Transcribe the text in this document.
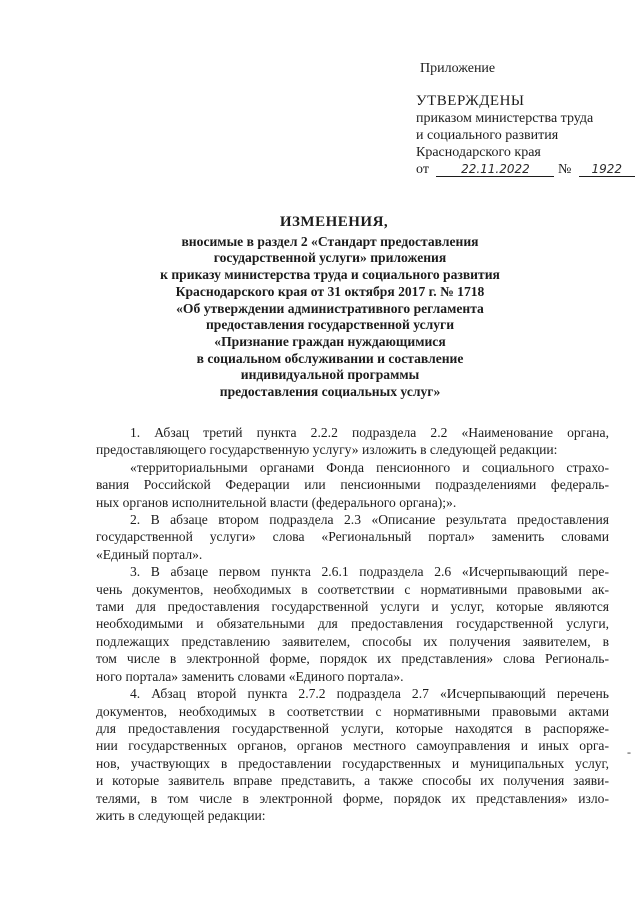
Приложение
УТВЕРЖДЕНЫ
приказом министерства труда
и социального развития
Краснодарского края
от	22.11.2022 № 1922
ИЗМЕНЕНИЯ,
вносимые в раздел 2 «Стандарт предоставления
государственной услуги» приложения
к приказу министерства труда и социального развития
Краснодарского края от 31 октября 2017 г. № 1718
«Об утверждении административного регламента
предоставления государственной услуги
«Признание граждан нуждающимися
в социальном обслуживании и составление
индивидуальной программы
предоставления социальных услуг»

1. Абзац третий пункта 2.2.2 подраздела 2.2 «Наименование органа,
предоставляющего государственную услугу» изложить в следующей редакции:

«территориальными органами Фонда пенсионного и социального страхо-
вания Российской Федерации или пенсионными подразделениями федераль-
ных органов исполнительной власти (федерального органа);».

2. В абзаце втором подраздела 2.3 «Описание результата предоставления
государственной услуги» слова «Региональный портал» заменить словами
«Единый портал».

3. В абзаце первом пункта 2.6.1 подраздела 2.6 «Исчерпывающий пере-
чень документов, необходимых в соответствии с нормативными правовыми ак-
тами для предоставления государственной услуги и услуг, которые являются
необходимыми и обязательными для предоставления государственной услуги,
подлежащих представлению заявителем, способы их получения заявителем, в
том числе в электронной форме, порядок их представления» слова Региональ-
ного портала» заменить словами «Единого портала».

4. Абзац второй пункта 2.7.2 подраздела 2.7 «Исчерпывающий перечень
документов, необходимых в соответствии с нормативными правовыми актами
для предоставления государственной услуги, которые находятся в распоряже-
нии государственных органов, органов местного самоуправления и иных орга-
нов, участвующих в предоставлении государственных и муниципальных услуг,
и которые заявитель вправе представить, а также способы их получения заяви-
телями, в том числе в электронной форме, порядок их представления» изло-
жить в следующей редакции:

-
